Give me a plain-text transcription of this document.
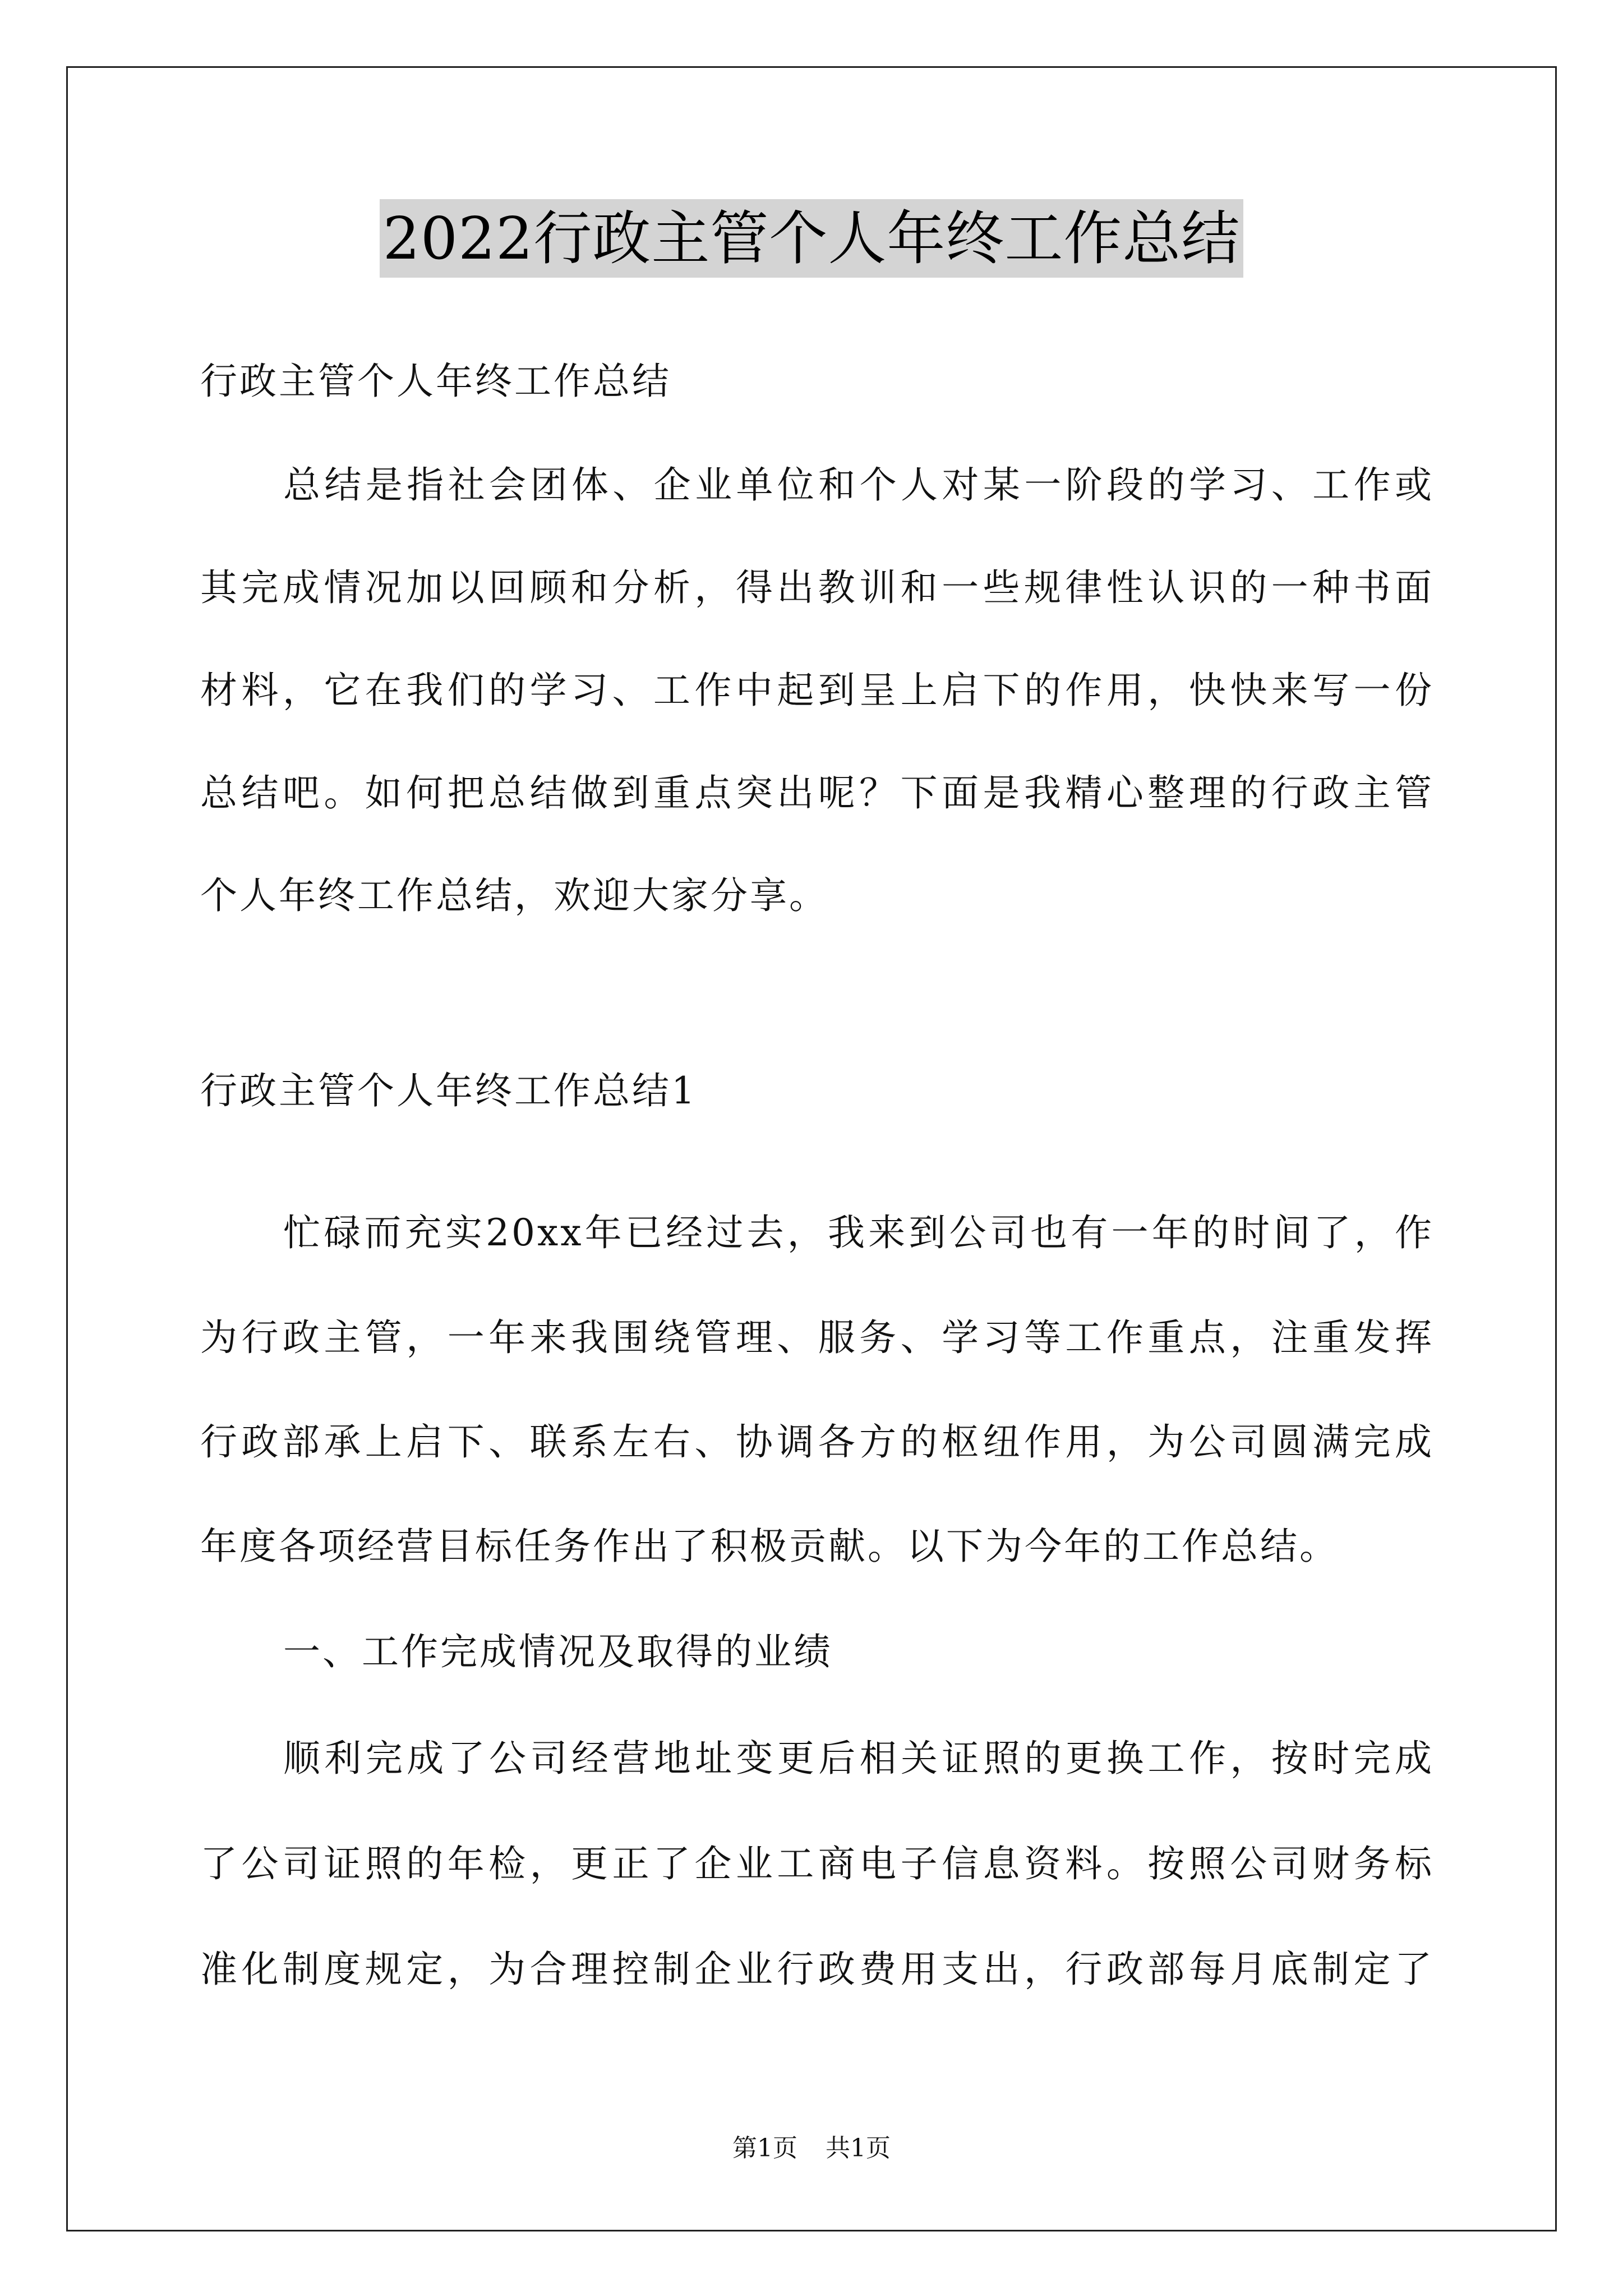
2022行政主管个人年终工作总结
行政主管个人年终工作总结
总结是指社会团体、企业单位和个人对某一阶段的学习、工作或
其完成情况加以回顾和分析，得出教训和一些规律性认识的一种书面
材料，它在我们的学习、工作中起到呈上启下的作用，快快来写一份
总结吧。如何把总结做到重点突出呢？下面是我精心整理的行政主管
个人年终工作总结，欢迎大家分享。
行政主管个人年终工作总结1
忙碌而充实20xx年已经过去，我来到公司也有一年的时间了，作
为行政主管，一年来我围绕管理、服务、学习等工作重点，注重发挥
行政部承上启下、联系左右、协调各方的枢纽作用，为公司圆满完成
年度各项经营目标任务作出了积极贡献。以下为今年的工作总结。
一、工作完成情况及取得的业绩
顺利完成了公司经营地址变更后相关证照的更换工作，按时完成
了公司证照的年检，更正了企业工商电子信息资料。按照公司财务标
准化制度规定，为合理控制企业行政费用支出，行政部每月底制定了
第1页 共1页
